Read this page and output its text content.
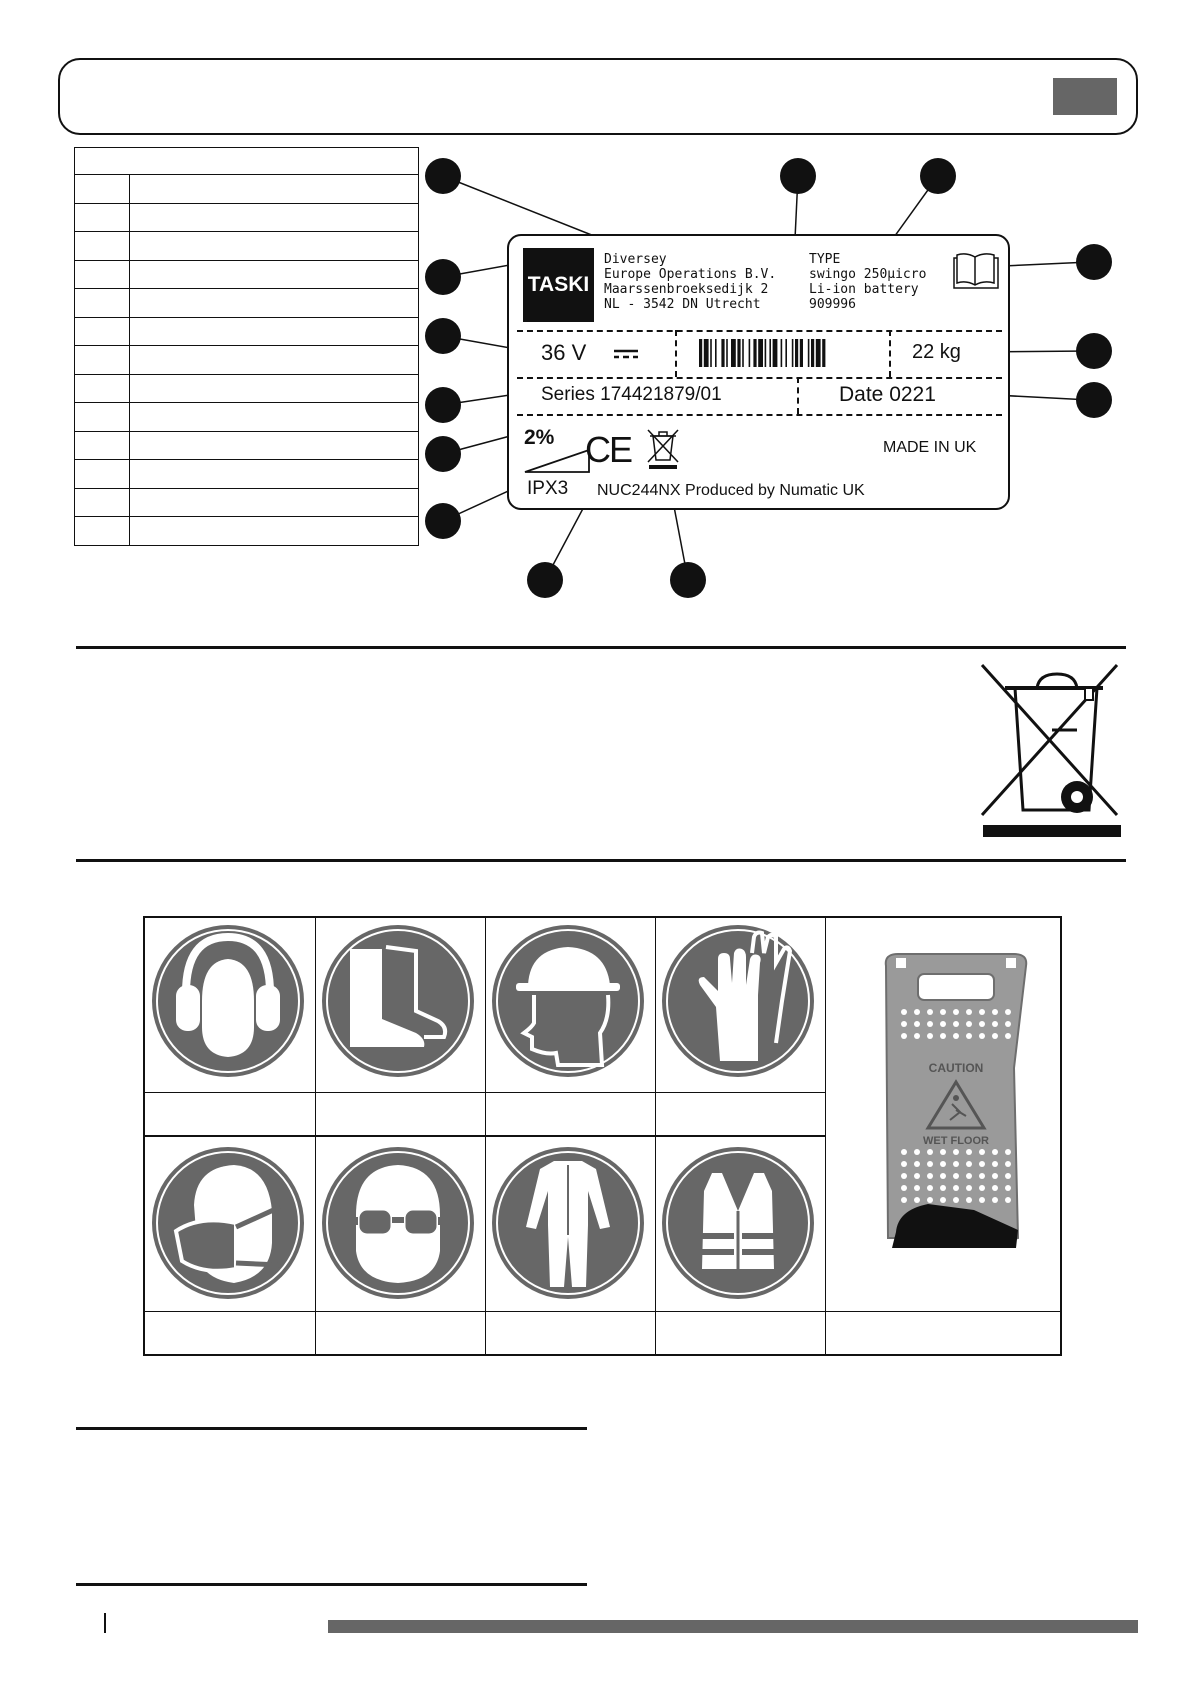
TASKI
Diversey
Europe Operations B.V.
Maarssenbroeksedijk 2
NL - 3542 DN Utrecht
TYPE
swingo 250µicro
Li-ion battery
909996
36 V	22 kg
Series 174421879/01	Date 0221
2%
IPX3
CE	MADE IN UK
NUC244NX Produced by Numatic UK
CAUTION
WET FLOOR
